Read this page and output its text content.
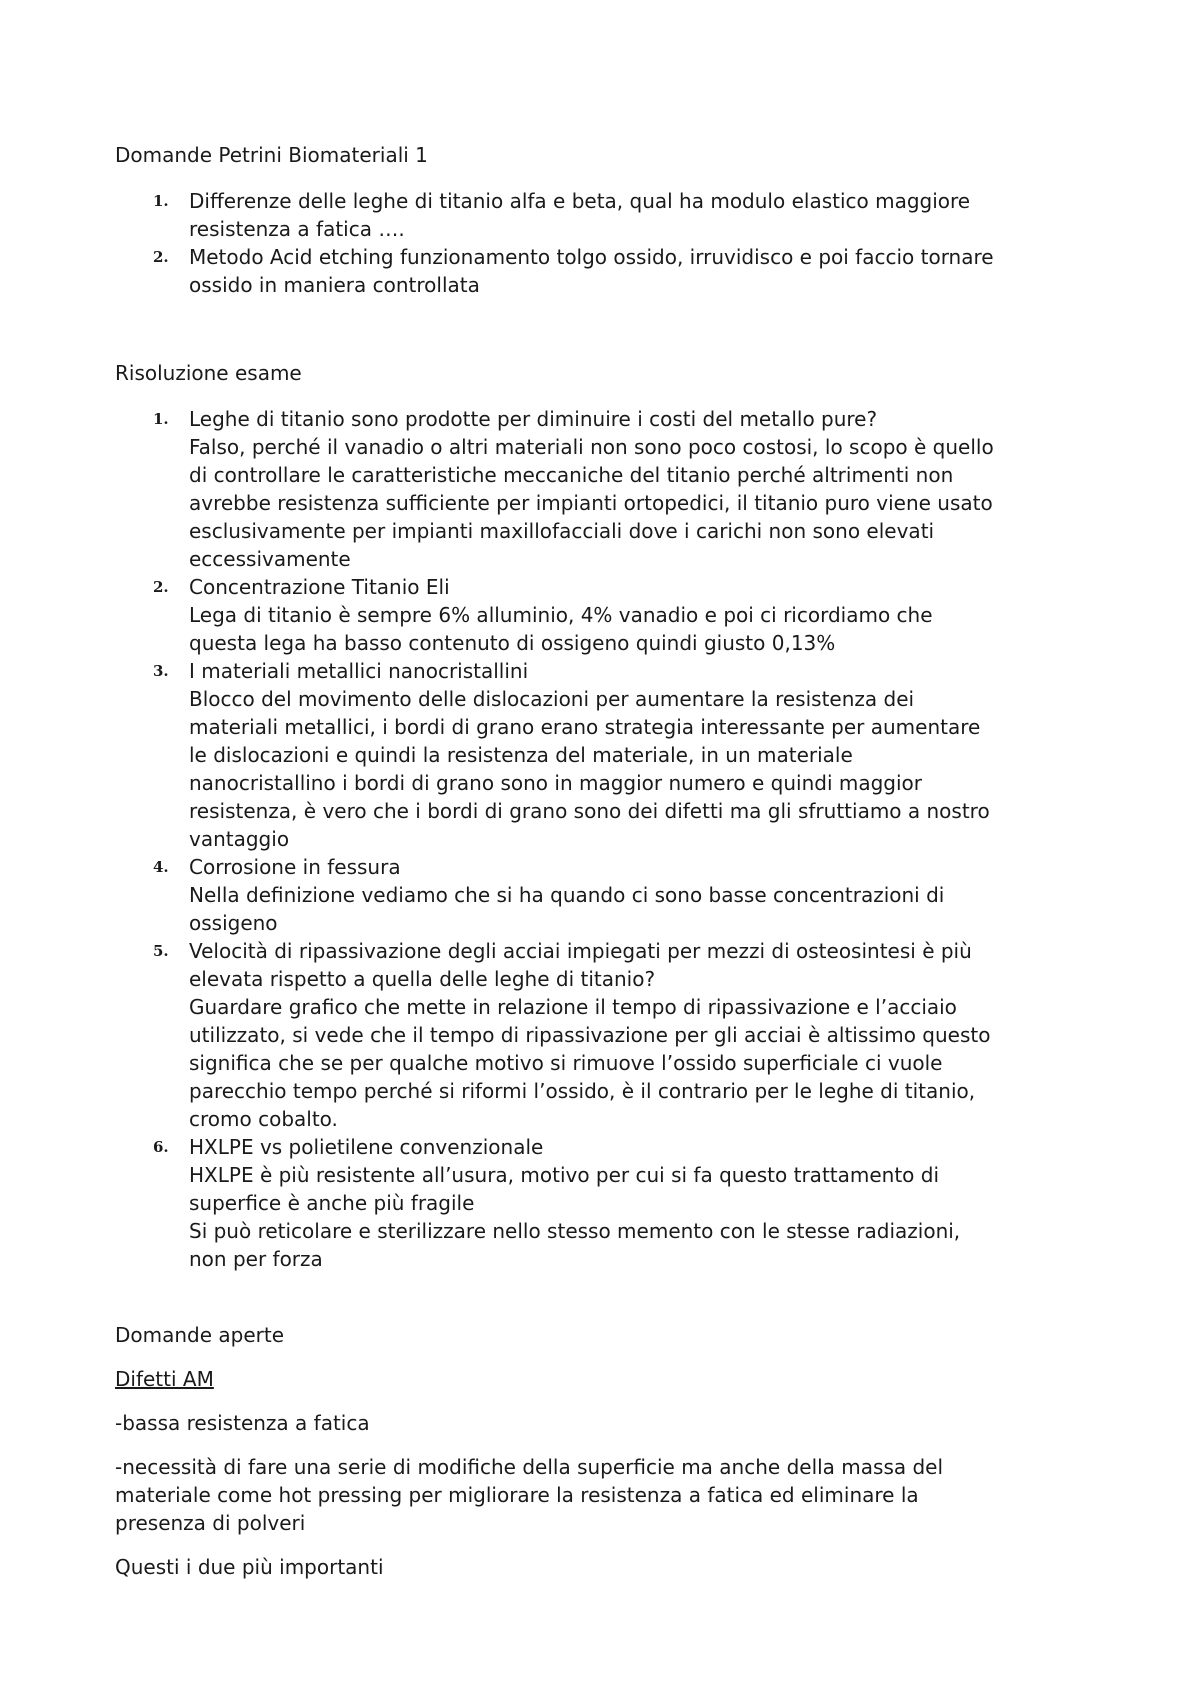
Domande Petrini Biomateriali 1

1. Differenze delle leghe di titanio alfa e beta, qual ha modulo elastico maggiore
resistenza a fatica ….
2. Metodo Acid etching funzionamento tolgo ossido, irruvidisco e poi faccio tornare
ossido in maniera controllata

Risoluzione esame

1. Leghe di titanio sono prodotte per diminuire i costi del metallo pure?
Falso, perché il vanadio o altri materiali non sono poco costosi, lo scopo è quello
di controllare le caratteristiche meccaniche del titanio perché altrimenti non
avrebbe resistenza sufficiente per impianti ortopedici, il titanio puro viene usato
esclusivamente per impianti maxillofacciali dove i carichi non sono elevati
eccessivamente
2. Concentrazione Titanio Eli
Lega di titanio è sempre 6% alluminio, 4% vanadio e poi ci ricordiamo che
questa lega ha basso contenuto di ossigeno quindi giusto 0,13%
3. I materiali metallici nanocristallini
Blocco del movimento delle dislocazioni per aumentare la resistenza dei
materiali metallici, i bordi di grano erano strategia interessante per aumentare
le dislocazioni e quindi la resistenza del materiale, in un materiale
nanocristallino i bordi di grano sono in maggior numero e quindi maggior
resistenza, è vero che i bordi di grano sono dei difetti ma gli sfruttiamo a nostro
vantaggio
4. Corrosione in fessura
Nella definizione vediamo che si ha quando ci sono basse concentrazioni di
ossigeno
5. Velocità di ripassivazione degli acciai impiegati per mezzi di osteosintesi è più
elevata rispetto a quella delle leghe di titanio?
Guardare grafico che mette in relazione il tempo di ripassivazione e l’acciaio
utilizzato, si vede che il tempo di ripassivazione per gli acciai è altissimo questo
significa che se per qualche motivo si rimuove l’ossido superficiale ci vuole
parecchio tempo perché si riformi l’ossido, è il contrario per le leghe di titanio,
cromo cobalto.
6. HXLPE vs polietilene convenzionale
HXLPE è più resistente all’usura, motivo per cui si fa questo trattamento di
superfice è anche più fragile
Si può reticolare e sterilizzare nello stesso memento con le stesse radiazioni,
non per forza

Domande aperte

Difetti AM

-bassa resistenza a fatica

-necessità di fare una serie di modifiche della superficie ma anche della massa del
materiale come hot pressing per migliorare la resistenza a fatica ed eliminare la
presenza di polveri

Questi i due più importanti
